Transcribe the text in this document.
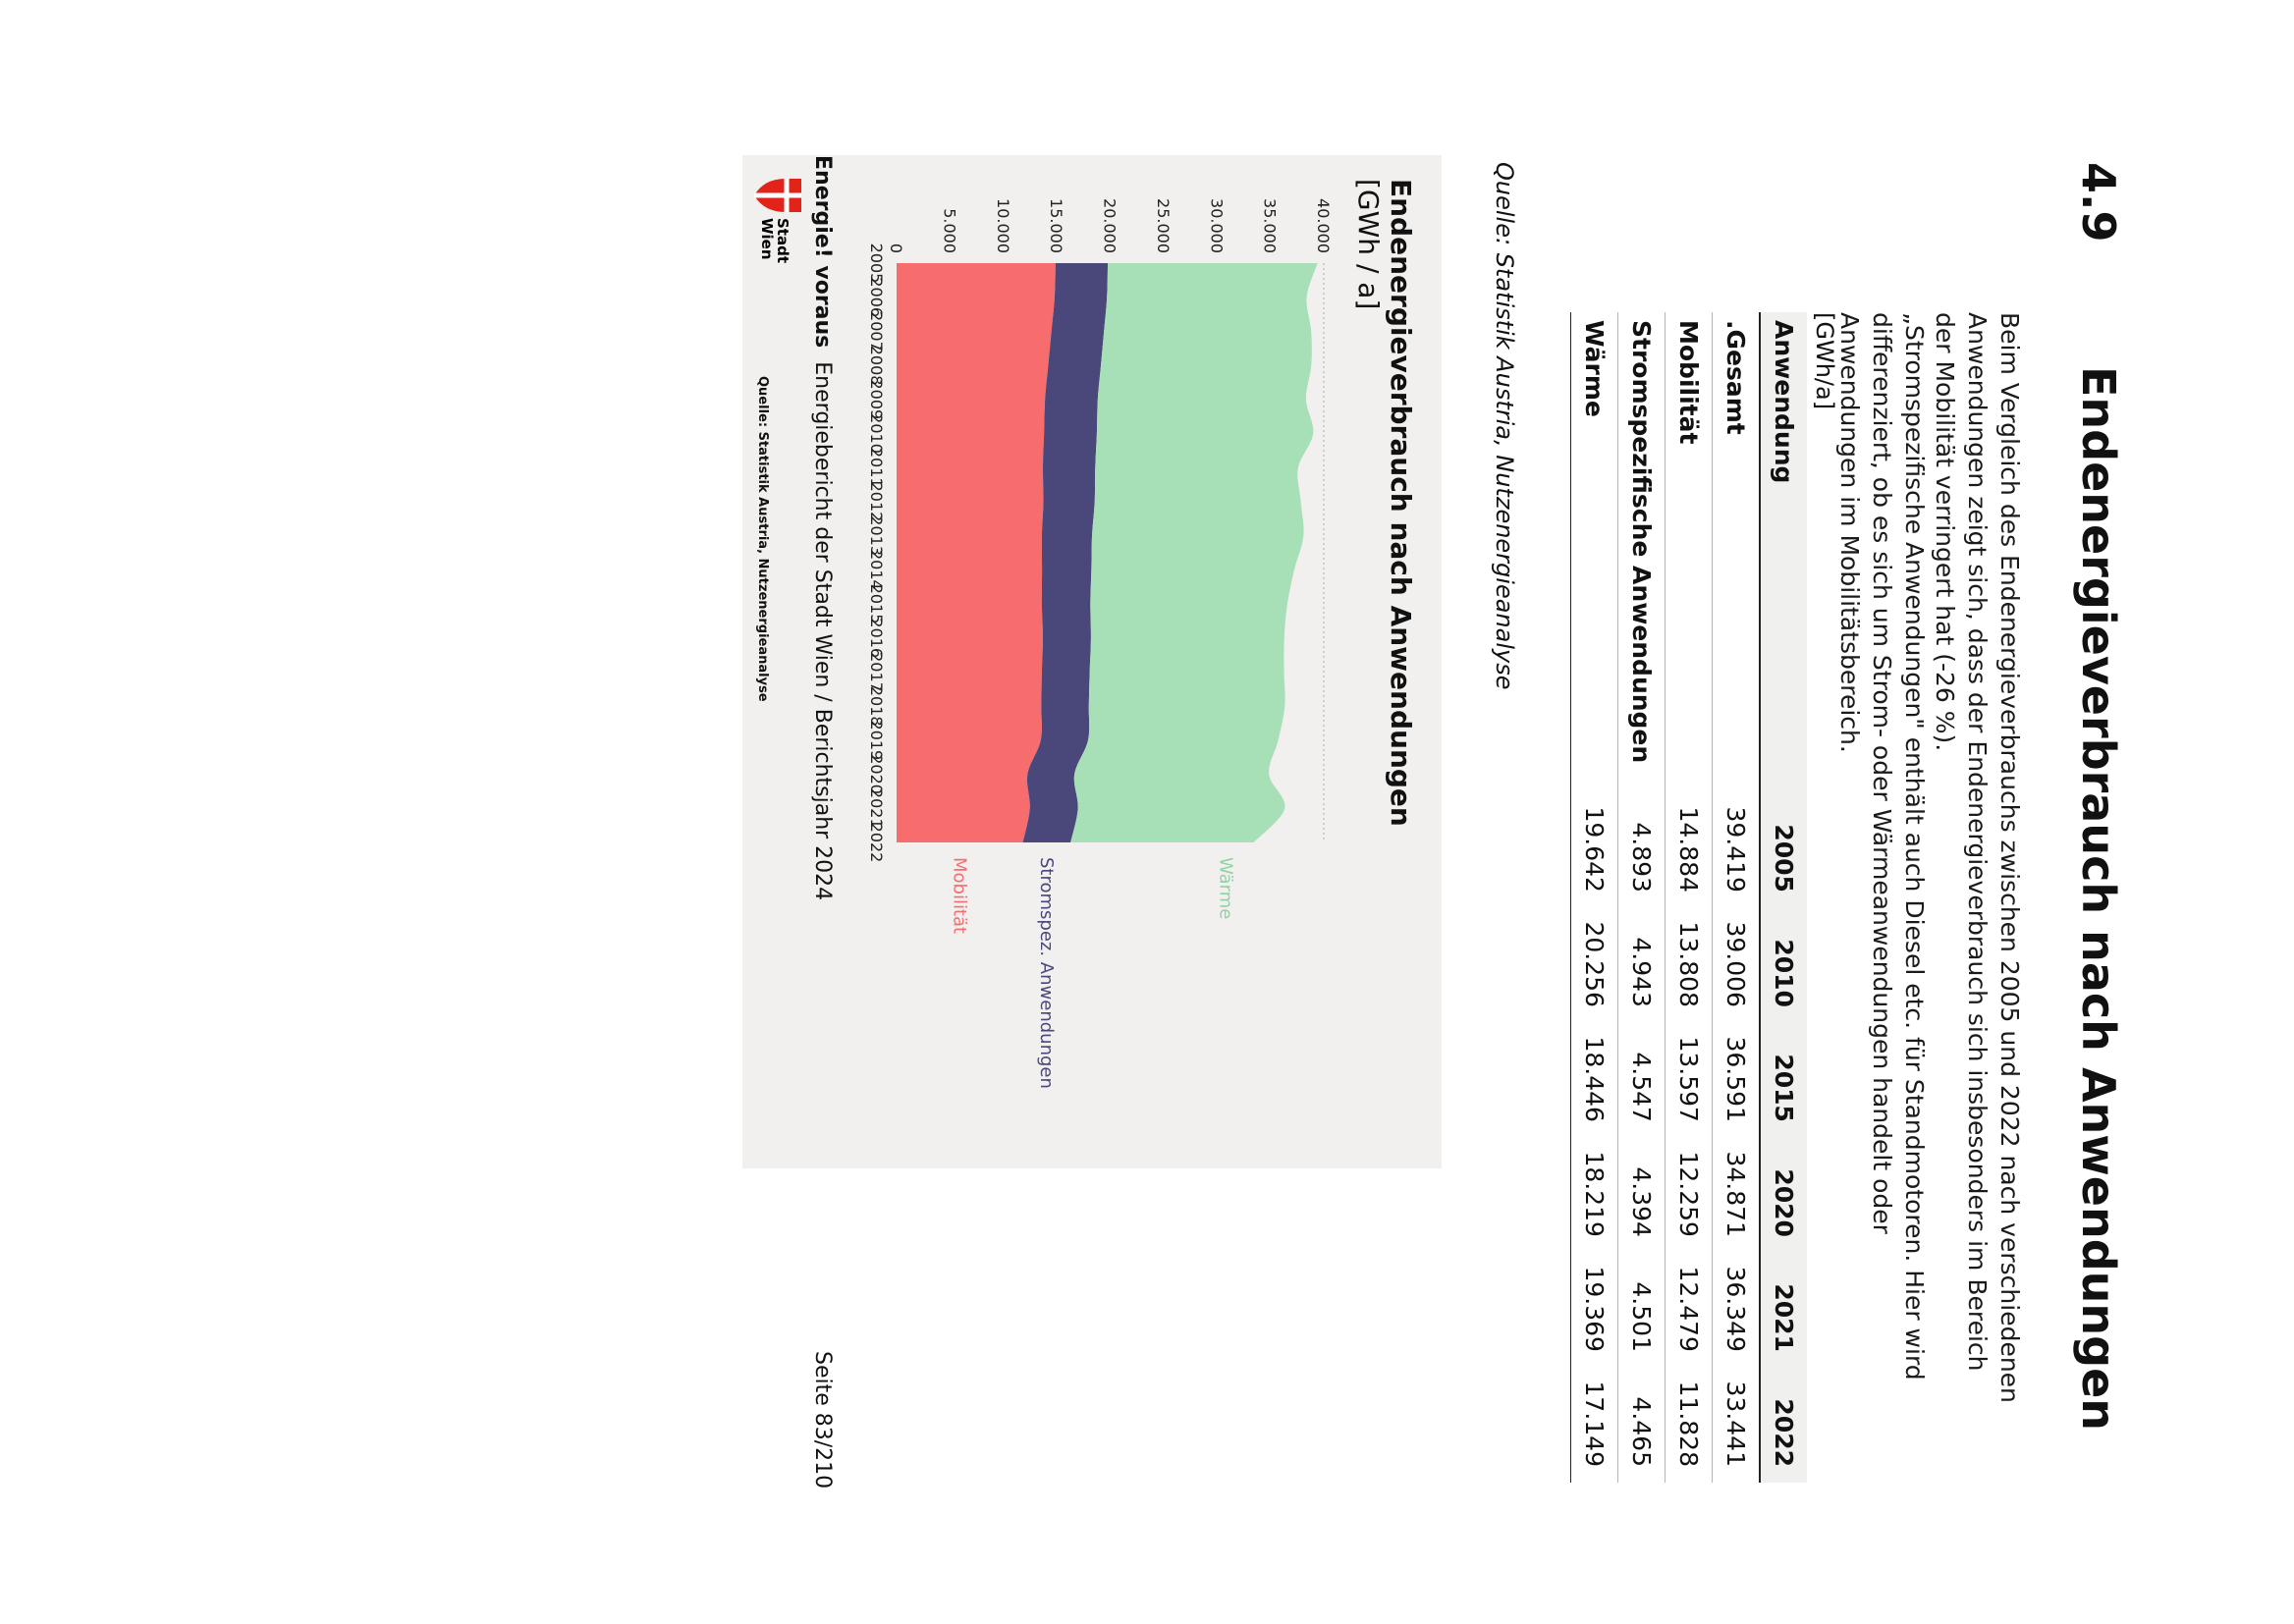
4.9
Endenergieverbrauch nach Anwendungen

Beim Vergleich des Endenergieverbrauchs zwischen 2005 und 2022 nach verschiedenen Anwendungen zeigt sich, dass der Endenergieverbrauch sich insbesonders im Bereich der Mobilität verringert hat (-26 %).

„Stromspezifische Anwendungen" enthält auch Diesel etc. für Standmotoren. Hier wird differenziert, ob es sich um Strom- oder Wärmeanwendungen handelt oder Anwendungen im Mobilitätsbereich.

[GWh/a]
Anwendung	2005	2010	2015	2020	2021	2022
.Gesamt	39.419	39.006	36.591	34.871	36.349	33.441
Mobilität	14.884	13.808	13.597	12.259	12.479	11.828
Stromspezifische Anwendungen	4.893	4.943	4.547	4.394	4.501	4.465
Wärme	19.642	20.256	18.446	18.219	19.369	17.149
Quelle: Statistik Austria, Nutzenergieanalyse
Endenergieverbrauch nach Anwendungen
[GWh / a]
0 5.000 10.000 15.000 20.000 25.000 30.000 35.000 40.000
2005
2006
2007
2008
2009
2010
2011
2012
2013
2014
2015
2016
2017
2018
2019
2020
2021
2022
Mobilität	Stromspez. Anwendungen	Wärme
Quelle: Statistik Austria, Nutzenergieanalyse
StadtWien	Energie! voraus  Energiebericht der Stadt Wien / Berichtsjahr 2024
Seite 83/210
